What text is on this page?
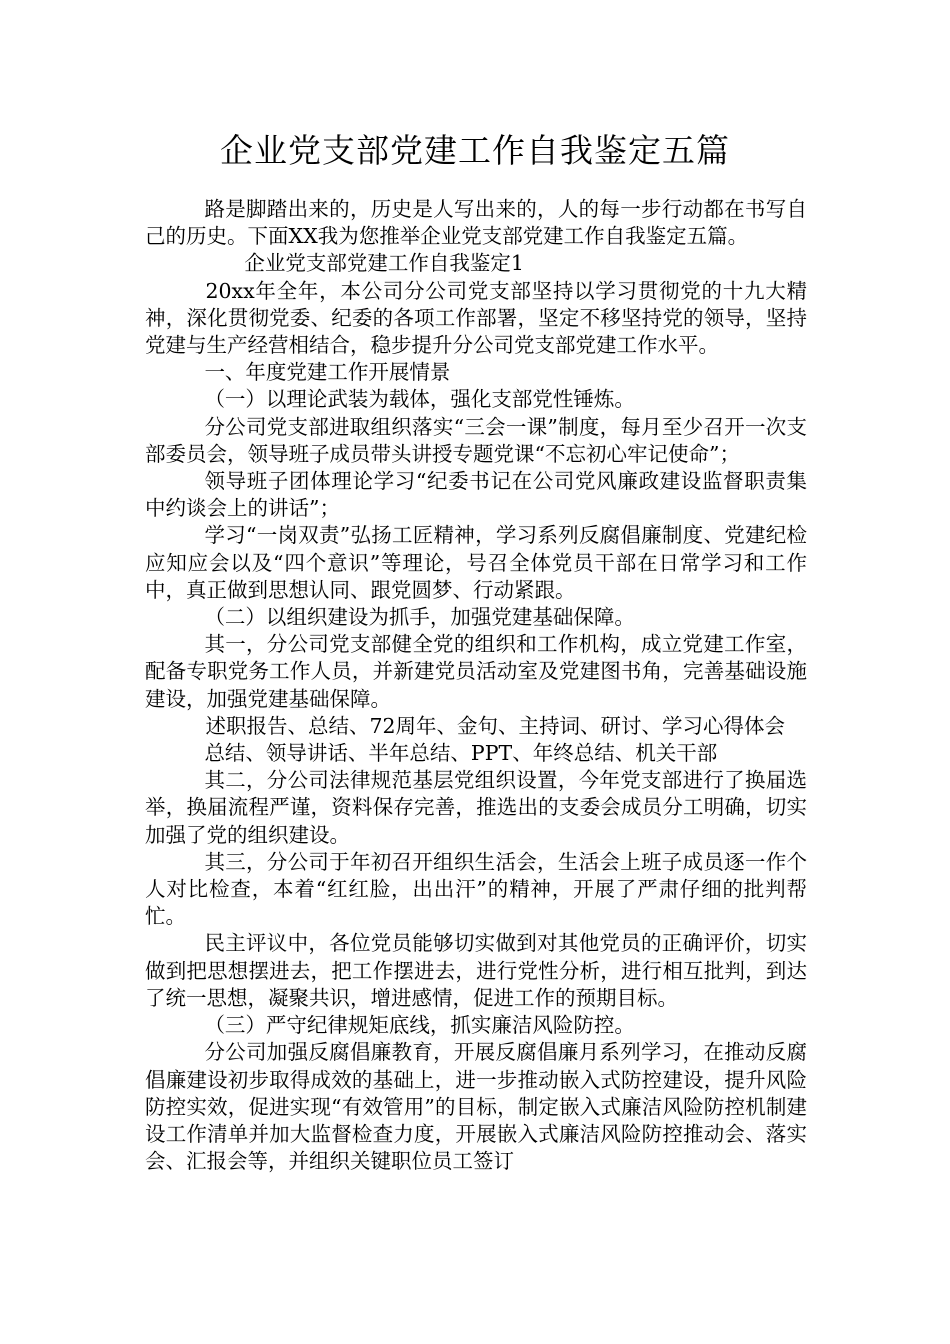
企业党支部党建工作自我鉴定五篇

路是脚踏出来的，历史是人写出来的，人的每一步行动都在书写自己的历史。下面XX我为您推举企业党支部党建工作自我鉴定五篇。

企业党支部党建工作自我鉴定1

20xx年全年，本公司分公司党支部坚持以学习贯彻党的十九大精神，深化贯彻党委、纪委的各项工作部署，坚定不移坚持党的领导，坚持党建与生产经营相结合，稳步提升分公司党支部党建工作水平。

一、年度党建工作开展情景

（一）以理论武装为载体，强化支部党性锤炼。

分公司党支部进取组织落实“三会一课”制度，每月至少召开一次支部委员会，领导班子成员带头讲授专题党课“不忘初心牢记使命”；

领导班子团体理论学习“纪委书记在公司党风廉政建设监督职责集中约谈会上的讲话”；

学习“一岗双责”弘扬工匠精神，学习系列反腐倡廉制度、党建纪检应知应会以及“四个意识”等理论，号召全体党员干部在日常学习和工作中，真正做到思想认同、跟党圆梦、行动紧跟。

（二）以组织建设为抓手，加强党建基础保障。

其一，分公司党支部健全党的组织和工作机构，成立党建工作室，配备专职党务工作人员，并新建党员活动室及党建图书角，完善基础设施建设，加强党建基础保障。

述职报告、总结、72周年、金句、主持词、研讨、学习心得体会

总结、领导讲话、半年总结、PPT、年终总结、机关干部

其二，分公司法律规范基层党组织设置，今年党支部进行了换届选举，换届流程严谨，资料保存完善，推选出的支委会成员分工明确，切实加强了党的组织建设。

其三，分公司于年初召开组织生活会，生活会上班子成员逐一作个人对比检查，本着“红红脸，出出汗”的精神，开展了严肃仔细的批判帮忙。

民主评议中，各位党员能够切实做到对其他党员的正确评价，切实做到把思想摆进去，把工作摆进去，进行党性分析，进行相互批判，到达了统一思想，凝聚共识，增进感情，促进工作的预期目标。

（三）严守纪律规矩底线，抓实廉洁风险防控。

分公司加强反腐倡廉教育，开展反腐倡廉月系列学习，在推动反腐倡廉建设初步取得成效的基础上，进一步推动嵌入式防控建设，提升风险防控实效，促进实现“有效管用”的目标，制定嵌入式廉洁风险防控机制建设工作清单并加大监督检查力度，开展嵌入式廉洁风险防控推动会、落实会、汇报会等，并组织关键职位员工签订
